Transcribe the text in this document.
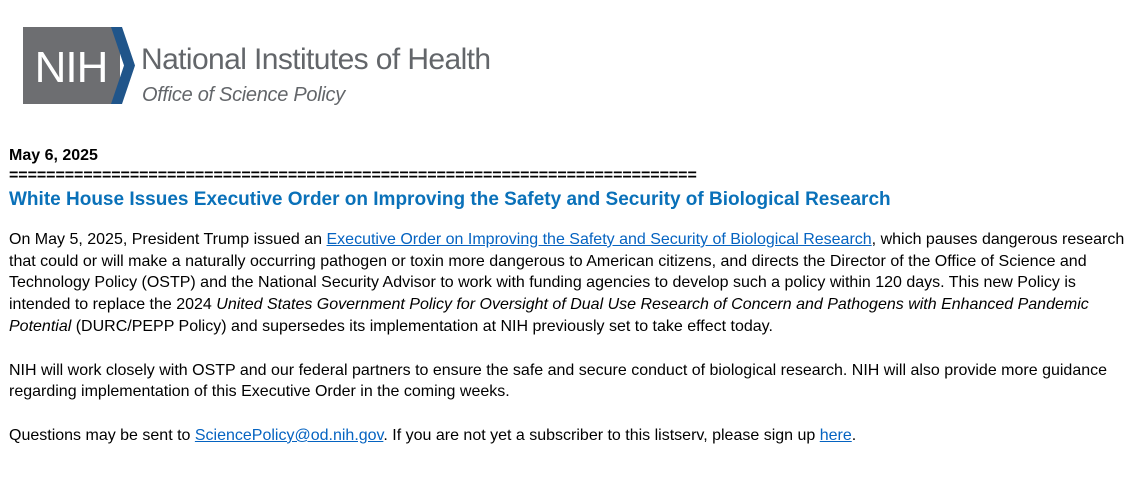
NIH National Institutes of Health
Office of Science Policy
May 6, 2025
==========================================================================
White House Issues Executive Order on Improving the Safety and Security of Biological Research

On May 5, 2025, President Trump issued an Executive Order on Improving the Safety and Security of Biological Research, which pauses dangerous research that could or will make a naturally occurring pathogen or toxin more dangerous to American citizens, and directs the Director of the Office of Science and Technology Policy (OSTP) and the National Security Advisor to work with funding agencies to develop such a policy within 120 days. This new Policy is intended to replace the 2024 United States Government Policy for Oversight of Dual Use Research of Concern and Pathogens with Enhanced Pandemic Potential (DURC/PEPP Policy) and supersedes its implementation at NIH previously set to take effect today.

NIH will work closely with OSTP and our federal partners to ensure the safe and secure conduct of biological research. NIH will also provide more guidance regarding implementation of this Executive Order in the coming weeks.

Questions may be sent to SciencePolicy@od.nih.gov. If you are not yet a subscriber to this listserv, please sign up here.
